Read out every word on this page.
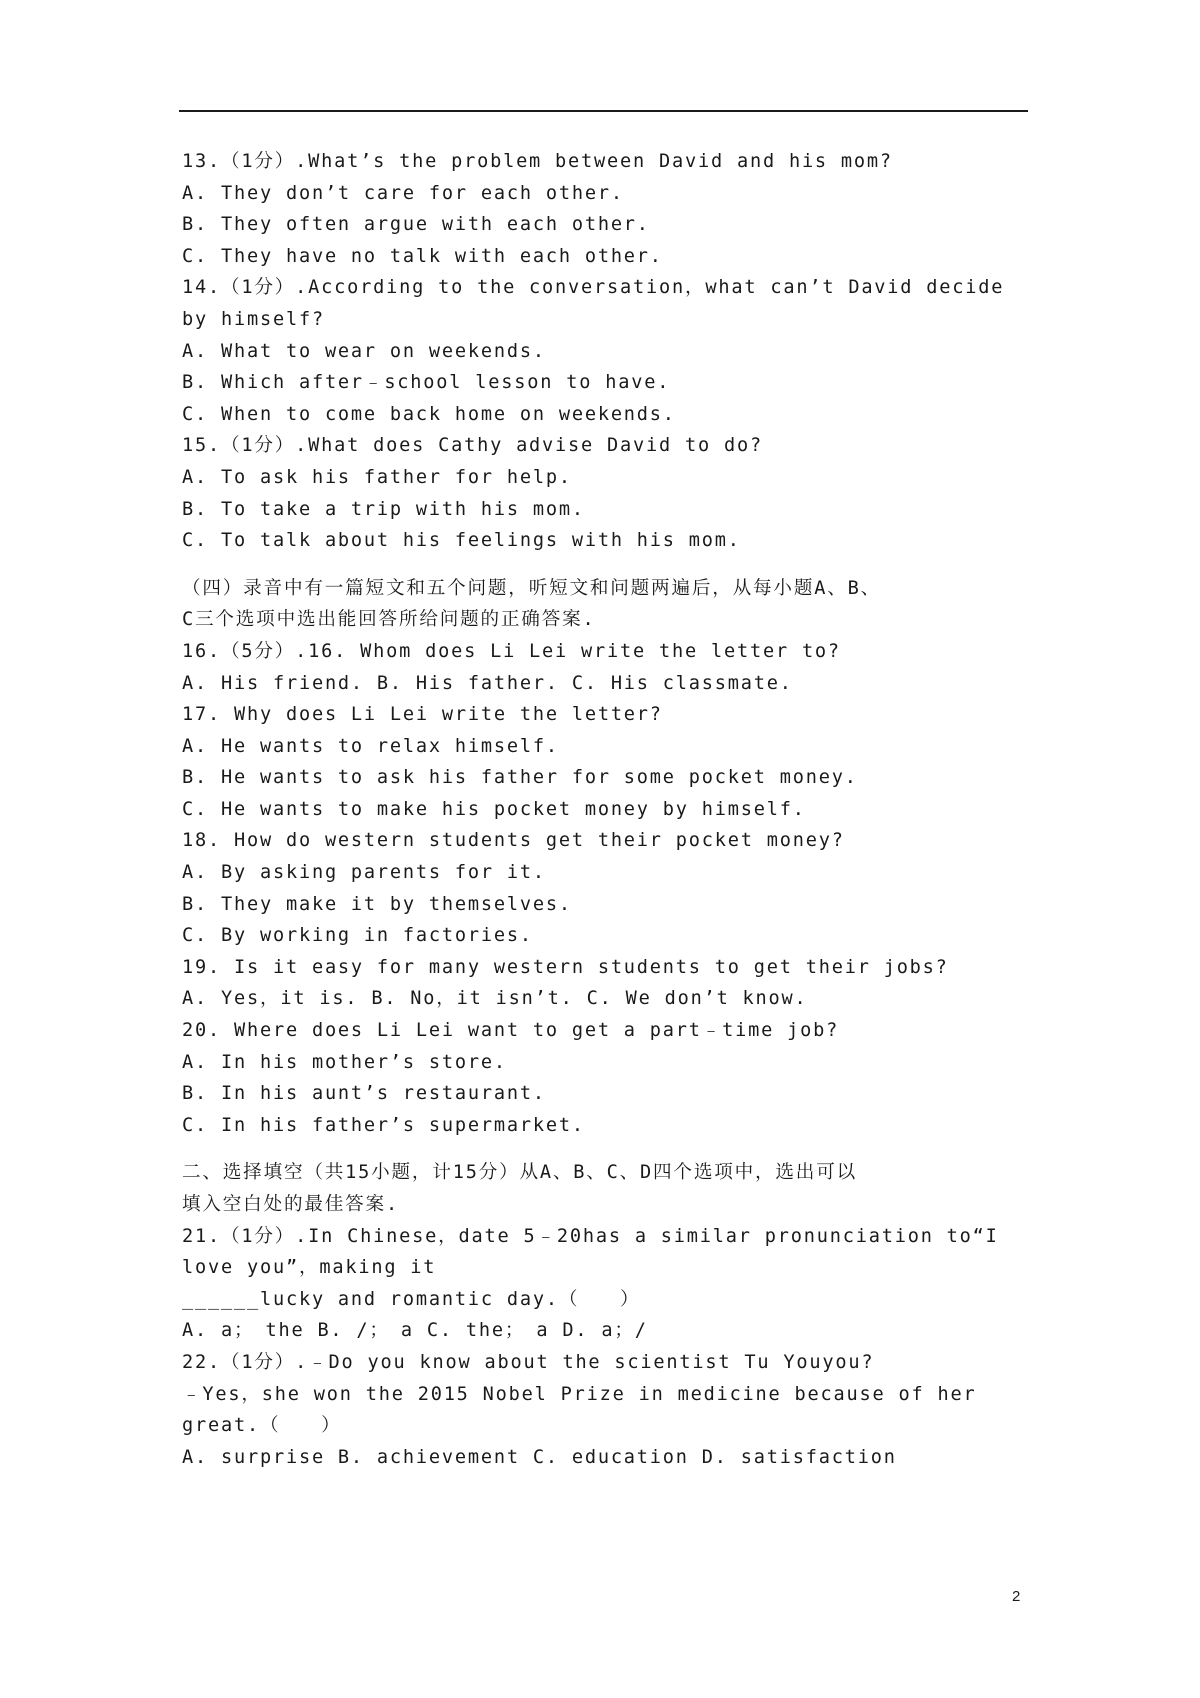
13.（1分）.What’s the problem between David and his mom?
A. They don’t care for each other.
B. They often argue with each other.
C. They have no talk with each other.
14.（1分）.According to the conversation，what can’t David decide
by himself?
A. What to wear on weekends.
B. Which after﹣school lesson to have.
C. When to come back home on weekends.
15.（1分）.What does Cathy advise David to do?
A. To ask his father for help.
B. To take a trip with his mom.
C. To talk about his feelings with his mom.
（四）录音中有一篇短文和五个问题，听短文和问题两遍后，从每小题A、B、
C三个选项中选出能回答所给问题的正确答案.
16.（5分）.16. Whom does Li Lei write the letter to?
A. His friend. B. His father. C. His classmate.
17. Why does Li Lei write the letter?
A. He wants to relax himself.
B. He wants to ask his father for some pocket money.
C. He wants to make his pocket money by himself.
18. How do western students get their pocket money?
A. By asking parents for it.
B. They make it by themselves.
C. By working in factories.
19. Is it easy for many western students to get their jobs?
A. Yes，it is. B. No，it isn’t. C. We don’t know.
20. Where does Li Lei want to get a part﹣time job?
A. In his mother’s store.
B. In his aunt’s restaurant.
C. In his father’s supermarket.
二、选择填空（共15小题，计15分）从A、B、C、D四个选项中，选出可以
填入空白处的最佳答案.
21.（1分）.In Chinese，date 5﹣20has a similar pronunciation to“I
love you”，making it
______lucky and romantic day.（　　）
A. a；　the B. /；　a C. the；　a D. a；/
22.（1分）.﹣Do you know about the scientist Tu Youyou?
﹣Yes，she won the 2015 Nobel Prize in medicine because of her
great.（　　）
A. surprise B. achievement C. education D. satisfaction
2
